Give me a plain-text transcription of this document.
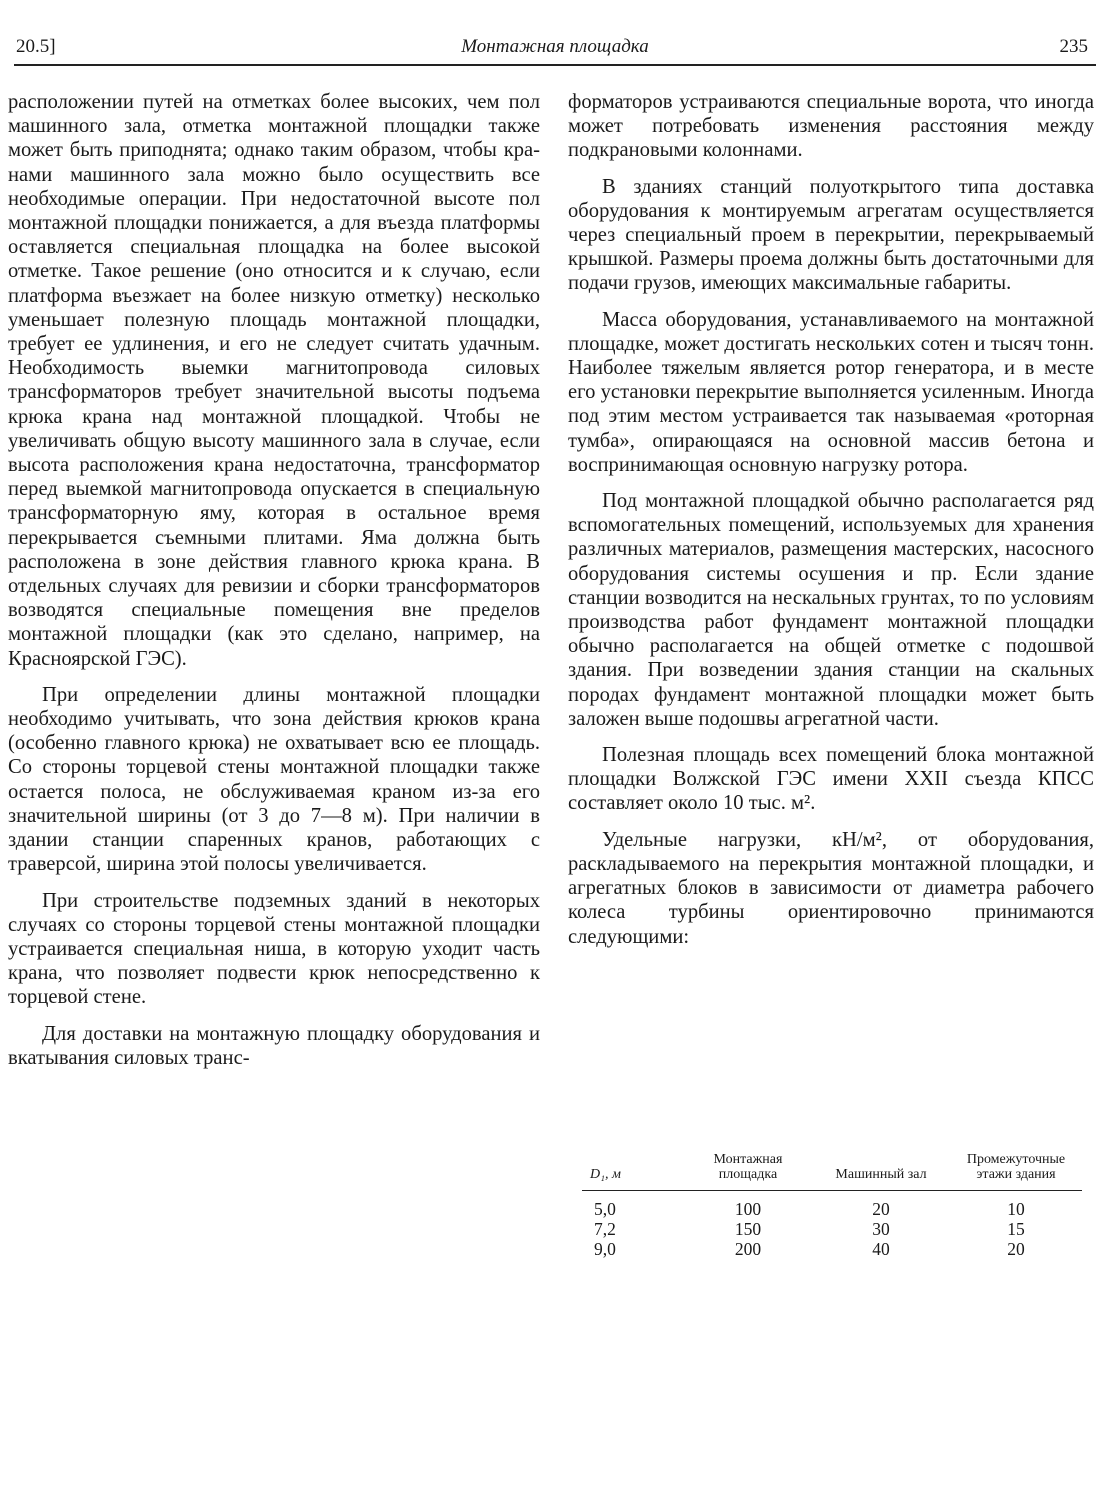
20.5]	Монтажная площадка	235

расположении путей на отметках более высоких, чем пол машинного зала, отметка монтажной площадки также может быть приподнята; однако таким образом, чтобы кранами машинного зала можно было осуществить все необходимые операции. При недостаточной высоте пол монтажной площадки понижается, а для въезда платформы оставляется специальная площадка на более высокой отметке. Такое решение (оно относится и к случаю, если платформа въезжает на более низкую отметку) несколько уменьшает полезную площадь монтажной площадки, требует ее удлинения, и его не следует считать удачным. Необходимость выемки магнитопровода силовых трансформаторов требует значительной высоты подъема крюка крана над монтажной площадкой. Чтобы не увеличивать общую высоту машинного зала в случае, если высота расположения крана недостаточна, трансформатор перед выемкой магнитопровода опускается в специальную трансформаторную яму, которая в остальное время перекрывается съемными плитами. Яма должна быть расположена в зоне действия главного крюка крана. В отдельных случаях для ревизии и сборки трансформаторов возводятся специальные помещения вне пределов монтажной площадки (как это сделано, например, на Красноярской ГЭС).

При определении длины монтажной площадки необходимо учитывать, что зона действия крюков крана (особенно главного крюка) не охватывает всю ее площадь. Со стороны торцевой стены монтажной площадки также остается полоса, не обслуживаемая краном из-за его значительной ширины (от 3 до 7—8 м). При наличии в здании станции спаренных кранов, работающих с траверсой, ширина этой полосы увеличивается.

При строительстве подземных зданий в некоторых случаях со стороны торцевой стены монтажной площадки устраивается специальная ниша, в которую уходит часть крана, что позволяет подвести крюк непосредственно к торцевой стене.

Для доставки на монтажную площадку оборудования и вкатывания силовых транс-

форматоров устраиваются специальные ворота, что иногда может потребовать изменения расстояния между подкрановыми колоннами.

В зданиях станций полуоткрытого типа доставка оборудования к монтируемым агрегатам осуществляется через специальный проем в перекрытии, перекрываемый крышкой. Размеры проема должны быть достаточными для подачи грузов, имеющих максимальные габариты.

Масса оборудования, устанавливаемого на монтажной площадке, может достигать нескольких сотен и тысяч тонн. Наиболее тяжелым является ротор генератора, и в месте его установки перекрытие выполняется усиленным. Иногда под этим местом устраивается так называемая «роторная тумба», опирающаяся на основной массив бетона и воспринимающая основную нагрузку ротора.

Под монтажной площадкой обычно располагается ряд вспомогательных помещений, используемых для хранения различных материалов, размещения мастерских, насосного оборудования системы осушения и пр. Если здание станции возводится на нескальных грунтах, то по условиям производства работ фундамент монтажной площадки обычно располагается на общей отметке с подошвой здания. При возведении здания станции на скальных породах фундамент монтажной площадки может быть заложен выше подошвы агрегатной части.

Полезная площадь всех помещений блока монтажной площадки Волжской ГЭС имени XXII съезда КПСС составляет около 10 тыс. м².

Удельные нагрузки, кН/м², от оборудования, раскладываемого на перекрытия монтажной площадки, и агрегатных блоков в зависимости от диаметра рабочего колеса турбины ориентировочно принимаются следующими:

D₁, м	Монтажная площадка	Машинный зал	Промежуточные этажи здания
5,0	100	20	10
7,2	150	30	15
9,0	200	40	20
